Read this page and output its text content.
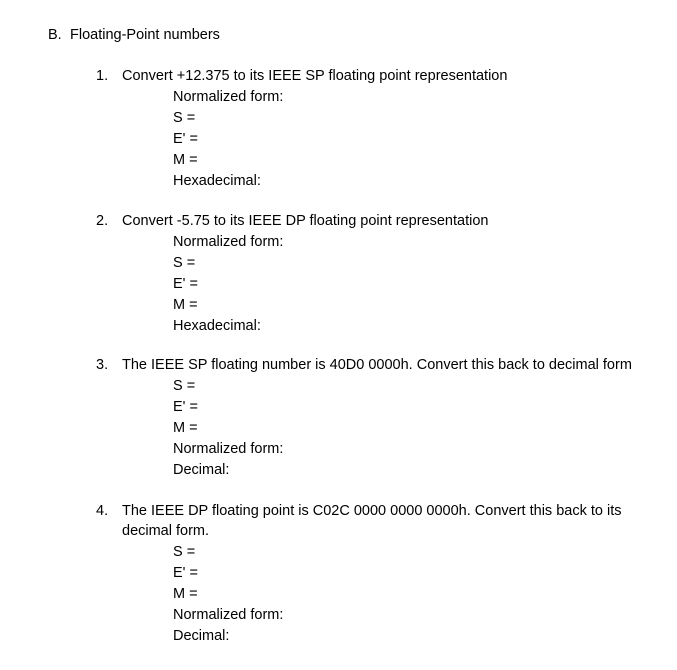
B. Floating-Point numbers
1. Convert +12.375 to its IEEE SP floating point representation
Normalized form:
S =
E' =
M =
Hexadecimal:
2. Convert -5.75 to its IEEE DP floating point representation
Normalized form:
S =
E' =
M =
Hexadecimal:
3. The IEEE SP floating number is 40D0 0000h. Convert this back to decimal form
S =
E' =
M =
Normalized form:
Decimal:
4. The IEEE DP floating point is C02C 0000 0000 0000h. Convert this back to its
decimal form.
S =
E' =
M =
Normalized form:
Decimal:
